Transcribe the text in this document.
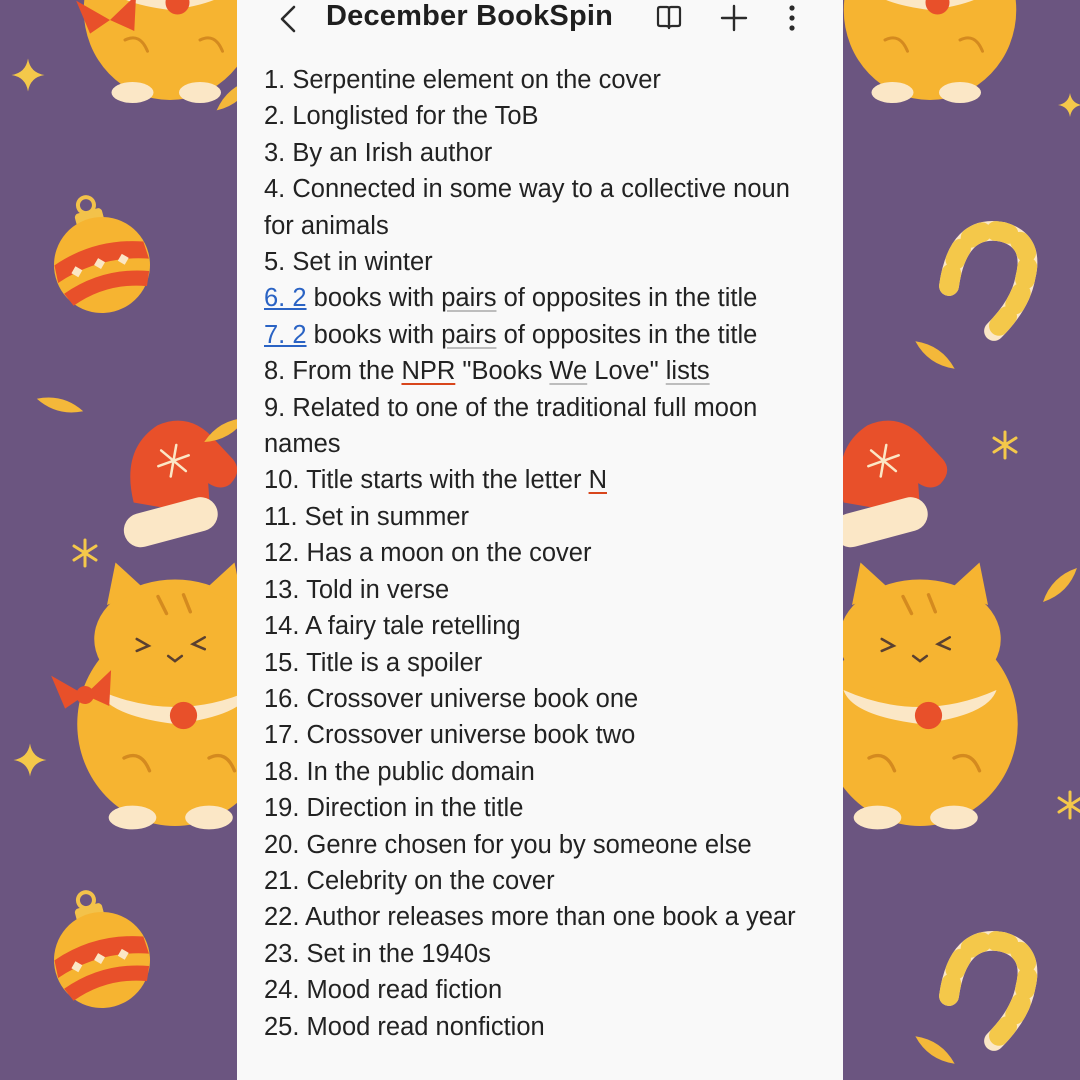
December BookSpin
1. Serpentine element on the cover
2. Longlisted for the ToB
3. By an Irish author
4. Connected in some way to a collective noun for animals
5. Set in winter
6. 2 books with pairs of opposites in the title
7. 2 books with pairs of opposites in the title
8. From the NPR "Books We Love" lists
9. Related to one of the traditional full moon names
10. Title starts with the letter N
11. Set in summer
12. Has a moon on the cover
13. Told in verse
14. A fairy tale retelling
15. Title is a spoiler
16. Crossover universe book one
17. Crossover universe book two
18. In the public domain
19. Direction in the title
20. Genre chosen for you by someone else
21. Celebrity on the cover
22. Author releases more than one book a year
23. Set in the 1940s
24. Mood read fiction
25. Mood read nonfiction
